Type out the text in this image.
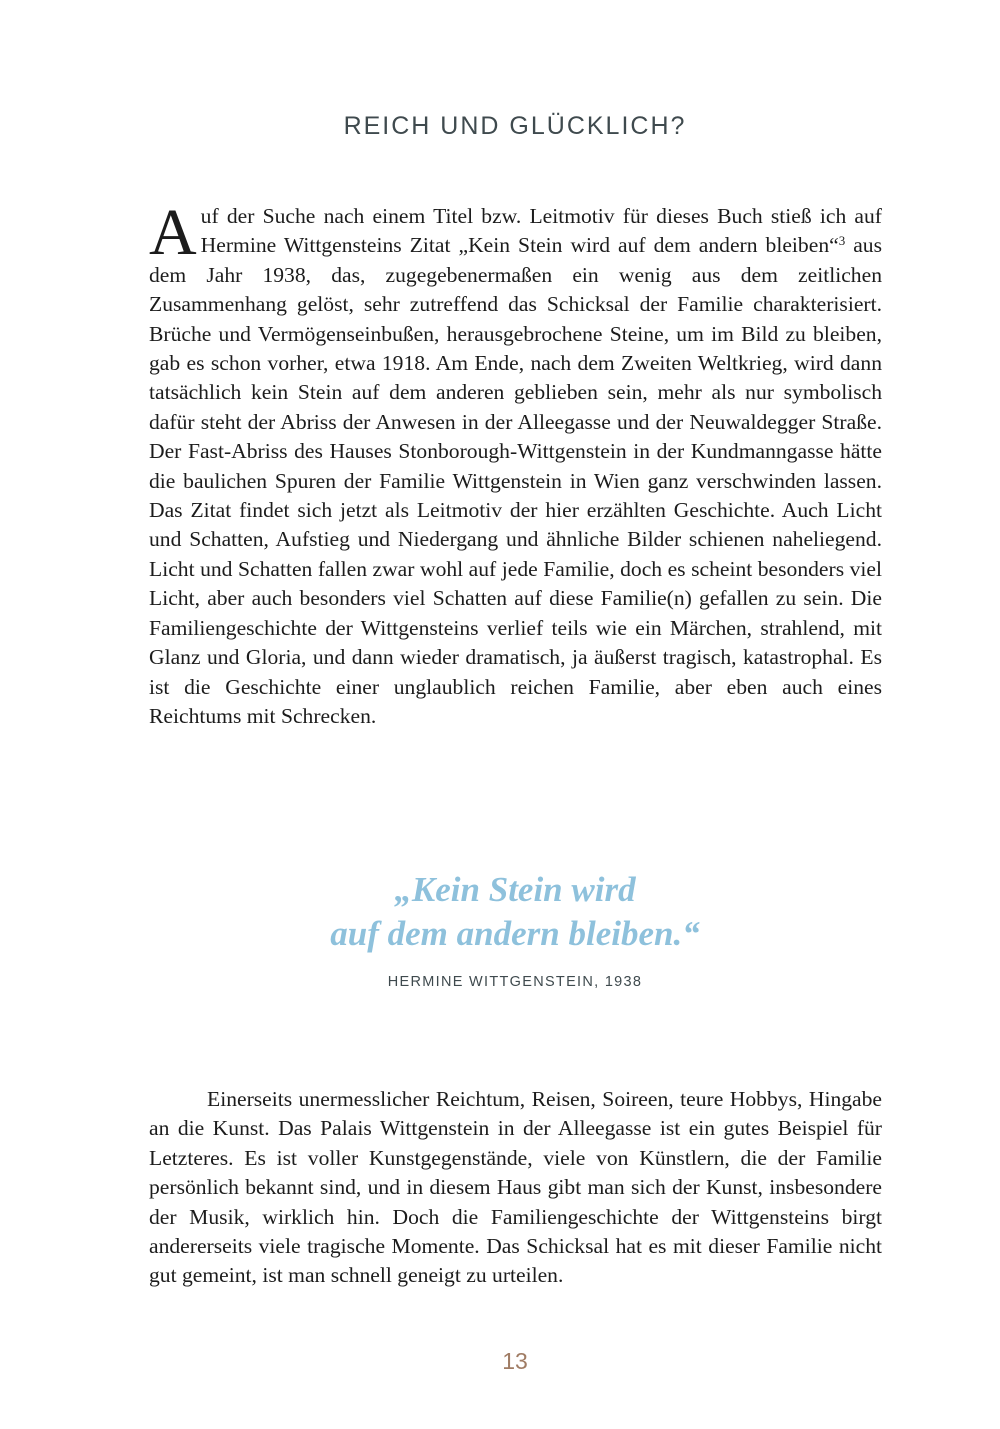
REICH UND GLÜCKLICH?

Auf der Suche nach einem Titel bzw. Leitmotiv für dieses Buch stieß ich auf Hermine Wittgensteins Zitat „Kein Stein wird auf dem andern bleiben“$^3$ aus dem Jahr 1938, das, zugegebenermaßen ein wenig aus dem zeitlichen Zusammenhang gelöst, sehr zutreffend das Schicksal der Familie charakterisiert. Brüche und Vermögenseinbußen, herausgebrochene Steine, um im Bild zu bleiben, gab es schon vorher, etwa 1918. Am Ende, nach dem Zweiten Weltkrieg, wird dann tatsächlich kein Stein auf dem anderen geblieben sein, mehr als nur symbolisch dafür steht der Abriss der Anwesen in der Alleegasse und der Neuwaldegger Straße. Der Fast-Abriss des Hauses Stonborough-Wittgenstein in der Kundmanngasse hätte die baulichen Spuren der Familie Wittgenstein in Wien ganz verschwinden lassen. Das Zitat findet sich jetzt als Leitmotiv der hier erzählten Geschichte. Auch Licht und Schatten, Aufstieg und Niedergang und ähnliche Bilder schienen naheliegend. Licht und Schatten fallen zwar wohl auf jede Familie, doch es scheint besonders viel Licht, aber auch besonders viel Schatten auf diese Familie(n) gefallen zu sein. Die Familiengeschichte der Wittgensteins verlief teils wie ein Märchen, strahlend, mit Glanz und Gloria, und dann wieder dramatisch, ja äußerst tragisch, katastrophal. Es ist die Geschichte einer unglaublich reichen Familie, aber eben auch eines Reichtums mit Schrecken.

„Kein Stein wird
auf dem andern bleiben.“

HERMINE WITTGENSTEIN, 1938

Einerseits unermesslicher Reichtum, Reisen, Soireen, teure Hobbys, Hingabe an die Kunst. Das Palais Wittgenstein in der Alleegasse ist ein gutes Beispiel für Letzteres. Es ist voller Kunstgegenstände, viele von Künstlern, die der Familie persönlich bekannt sind, und in diesem Haus gibt man sich der Kunst, insbesondere der Musik, wirklich hin. Doch die Familiengeschichte der Wittgensteins birgt andererseits viele tragische Momente. Das Schicksal hat es mit dieser Familie nicht gut gemeint, ist man schnell geneigt zu urteilen.

13
